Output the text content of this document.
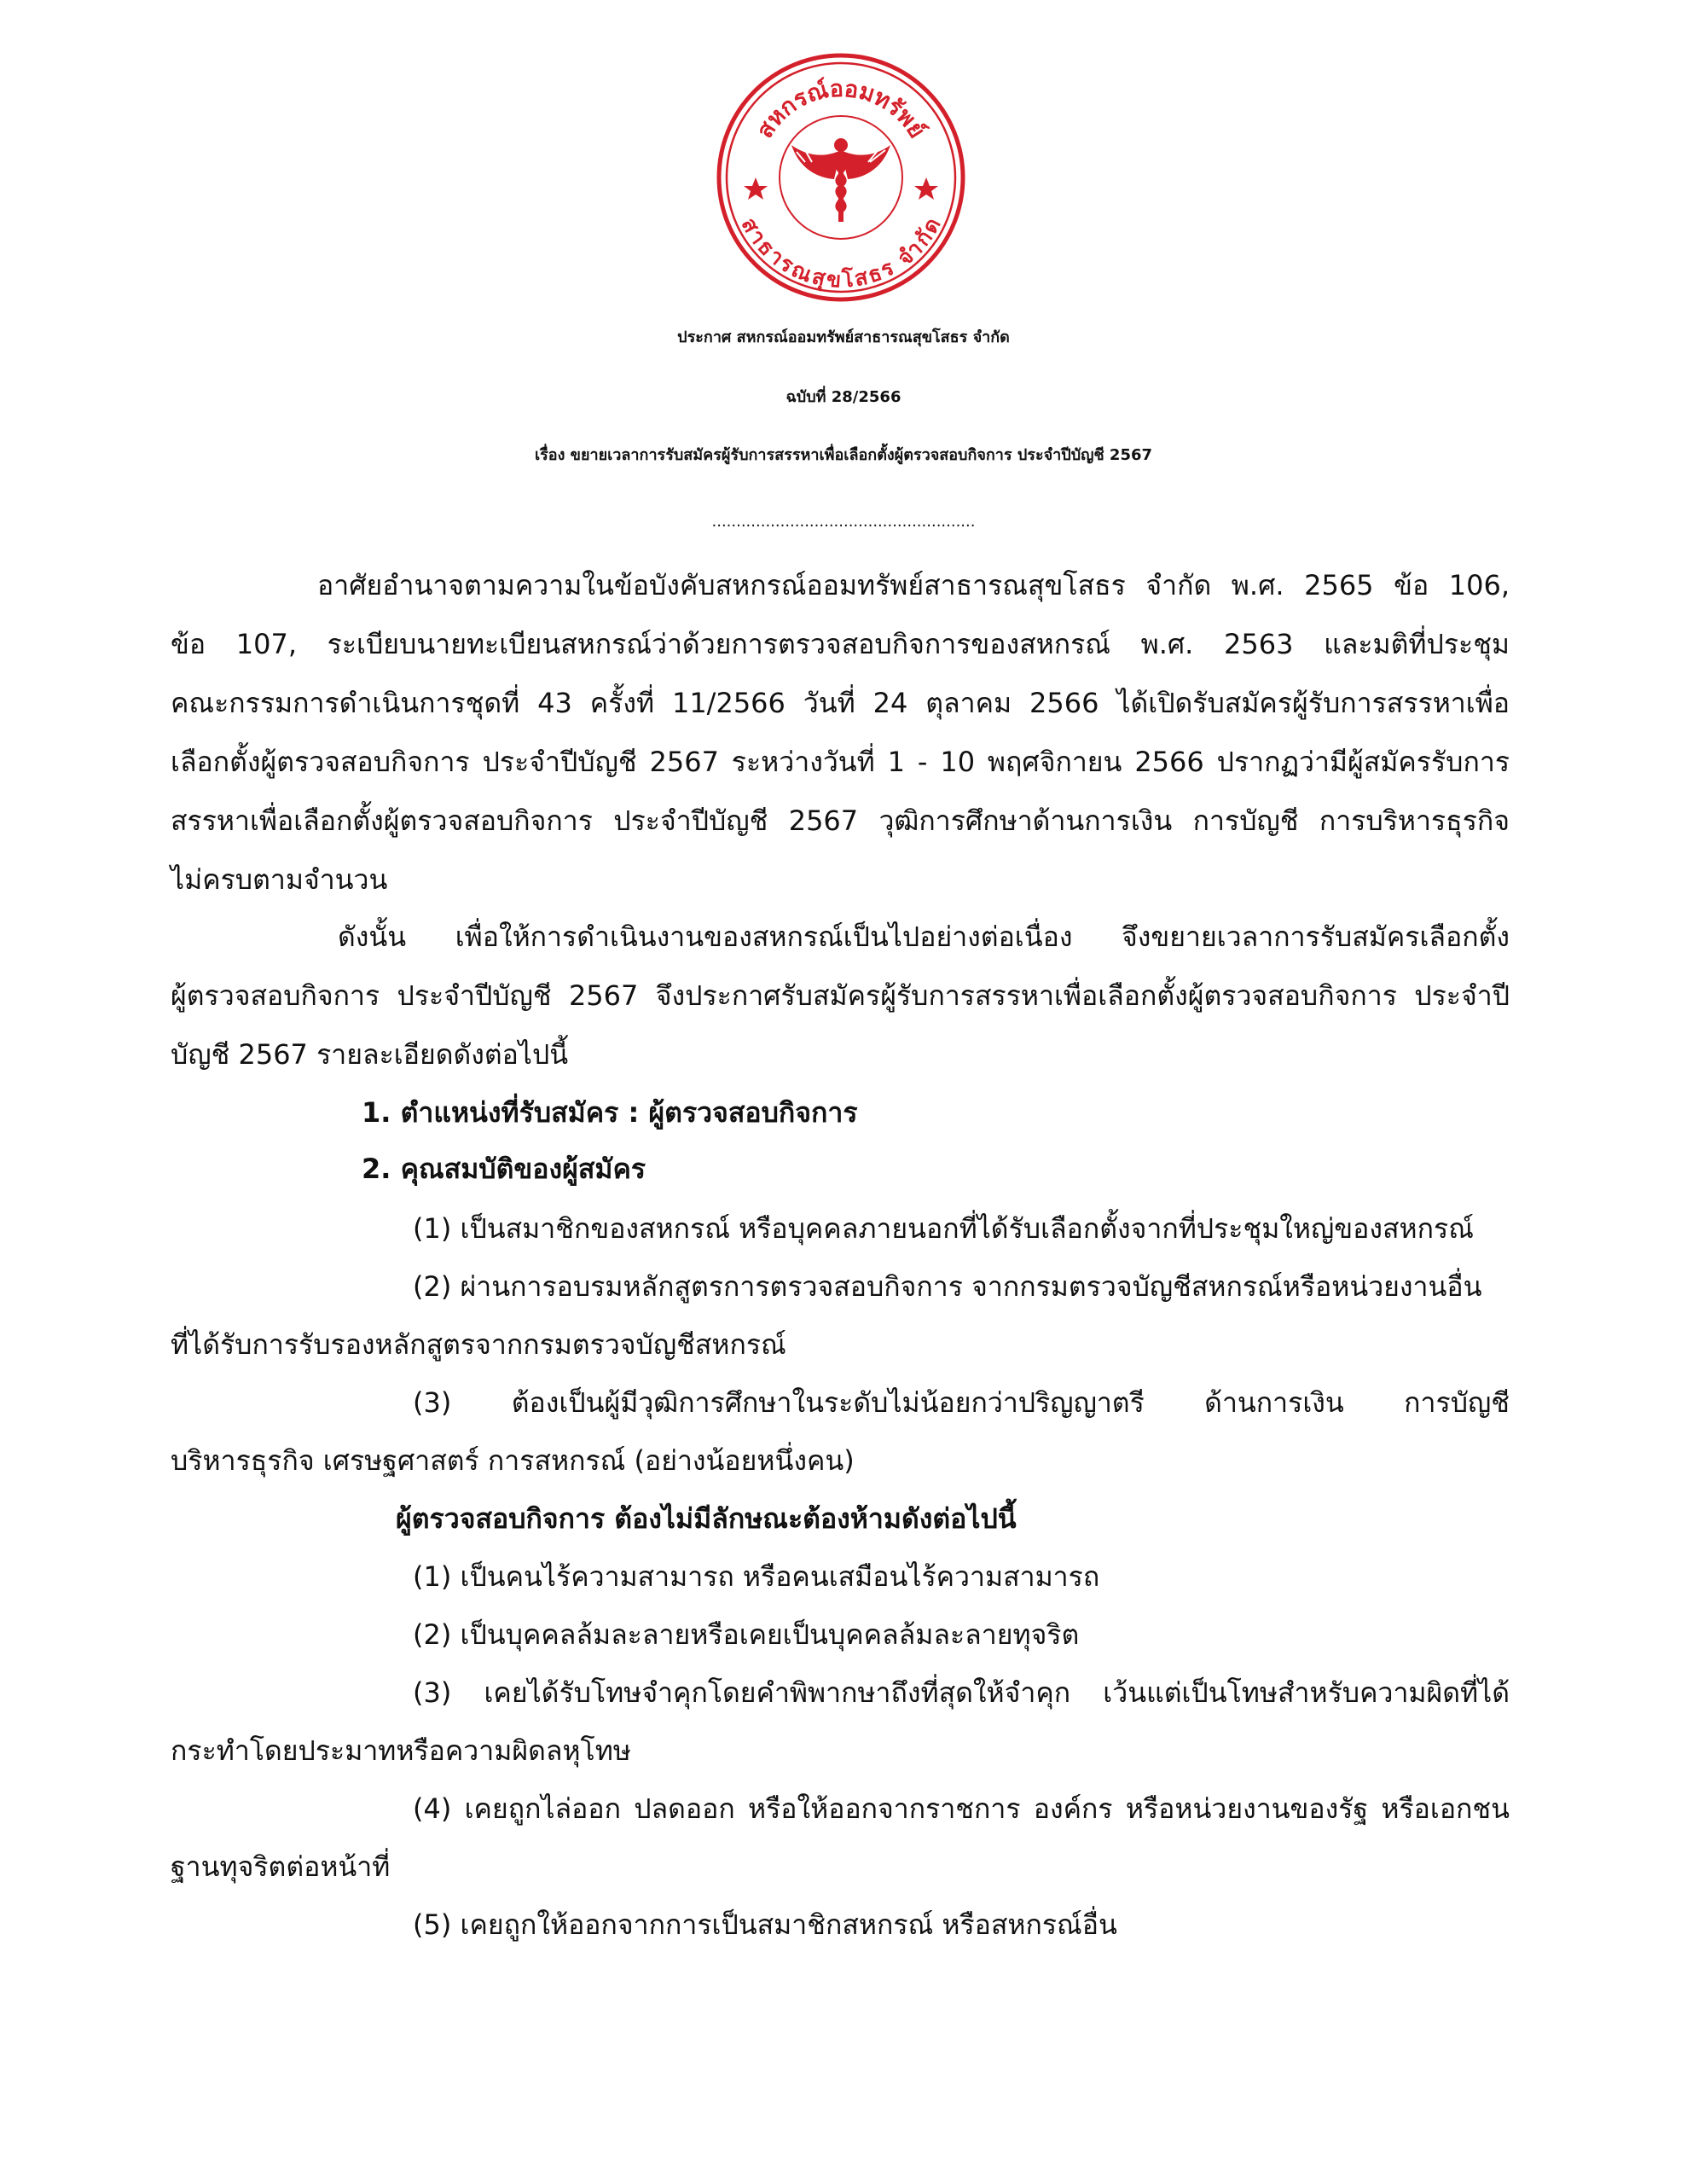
สหกรณ์ออมทรัพย์
สาธารณสุขโสธร จำกัด
ประกาศ สหกรณ์ออมทรัพย์สาธารณสุขโสธร จำกัด
ฉบับที่ 28/2566
เรื่อง ขยายเวลาการรับสมัครผู้รับการสรรหาเพื่อเลือกตั้งผู้ตรวจสอบกิจการ ประจำปีบัญชี 2567
......................................................
อาศัยอำนาจตามความในข้อบังคับสหกรณ์ออมทรัพย์สาธารณสุขโสธร จำกัด พ.ศ. 2565 ข้อ 106,
ข้อ 107, ระเบียบนายทะเบียนสหกรณ์ว่าด้วยการตรวจสอบกิจการของสหกรณ์ พ.ศ. 2563 และมติที่ประชุม
คณะกรรมการดำเนินการชุดที่ 43 ครั้งที่ 11/2566 วันที่ 24 ตุลาคม 2566 ได้เปิดรับสมัครผู้รับการสรรหาเพื่อ
เลือกตั้งผู้ตรวจสอบกิจการ ประจำปีบัญชี 2567 ระหว่างวันที่ 1 - 10 พฤศจิกายน 2566 ปรากฏว่ามีผู้สมัครรับการ
สรรหาเพื่อเลือกตั้งผู้ตรวจสอบกิจการ ประจำปีบัญชี 2567 วุฒิการศึกษาด้านการเงิน การบัญชี การบริหารธุรกิจ
ไม่ครบตามจำนวน
ดังนั้น เพื่อให้การดำเนินงานของสหกรณ์เป็นไปอย่างต่อเนื่อง จึงขยายเวลาการรับสมัครเลือกตั้ง
ผู้ตรวจสอบกิจการ ประจำปีบัญชี 2567 จึงประกาศรับสมัครผู้รับการสรรหาเพื่อเลือกตั้งผู้ตรวจสอบกิจการ ประจำปี
บัญชี 2567 รายละเอียดดังต่อไปนี้
1. ตำแหน่งที่รับสมัคร : ผู้ตรวจสอบกิจการ
2. คุณสมบัติของผู้สมัคร
(1) เป็นสมาชิกของสหกรณ์ หรือบุคคลภายนอกที่ได้รับเลือกตั้งจากที่ประชุมใหญ่ของสหกรณ์
(2) ผ่านการอบรมหลักสูตรการตรวจสอบกิจการ จากกรมตรวจบัญชีสหกรณ์หรือหน่วยงานอื่น
ที่ได้รับการรับรองหลักสูตรจากกรมตรวจบัญชีสหกรณ์
(3) ต้องเป็นผู้มีวุฒิการศึกษาในระดับไม่น้อยกว่าปริญญาตรี ด้านการเงิน การบัญชี
บริหารธุรกิจ เศรษฐศาสตร์ การสหกรณ์ (อย่างน้อยหนึ่งคน)
ผู้ตรวจสอบกิจการ ต้องไม่มีลักษณะต้องห้ามดังต่อไปนี้
(1) เป็นคนไร้ความสามารถ หรือคนเสมือนไร้ความสามารถ
(2) เป็นบุคคลล้มละลายหรือเคยเป็นบุคคลล้มละลายทุจริต
(3) เคยได้รับโทษจำคุกโดยคำพิพากษาถึงที่สุดให้จำคุก เว้นแต่เป็นโทษสำหรับความผิดที่ได้
กระทำโดยประมาทหรือความผิดลหุโทษ
(4) เคยถูกไล่ออก ปลดออก หรือให้ออกจากราชการ องค์กร หรือหน่วยงานของรัฐ หรือเอกชน
ฐานทุจริตต่อหน้าที่
(5) เคยถูกให้ออกจากการเป็นสมาชิกสหกรณ์ หรือสหกรณ์อื่น
